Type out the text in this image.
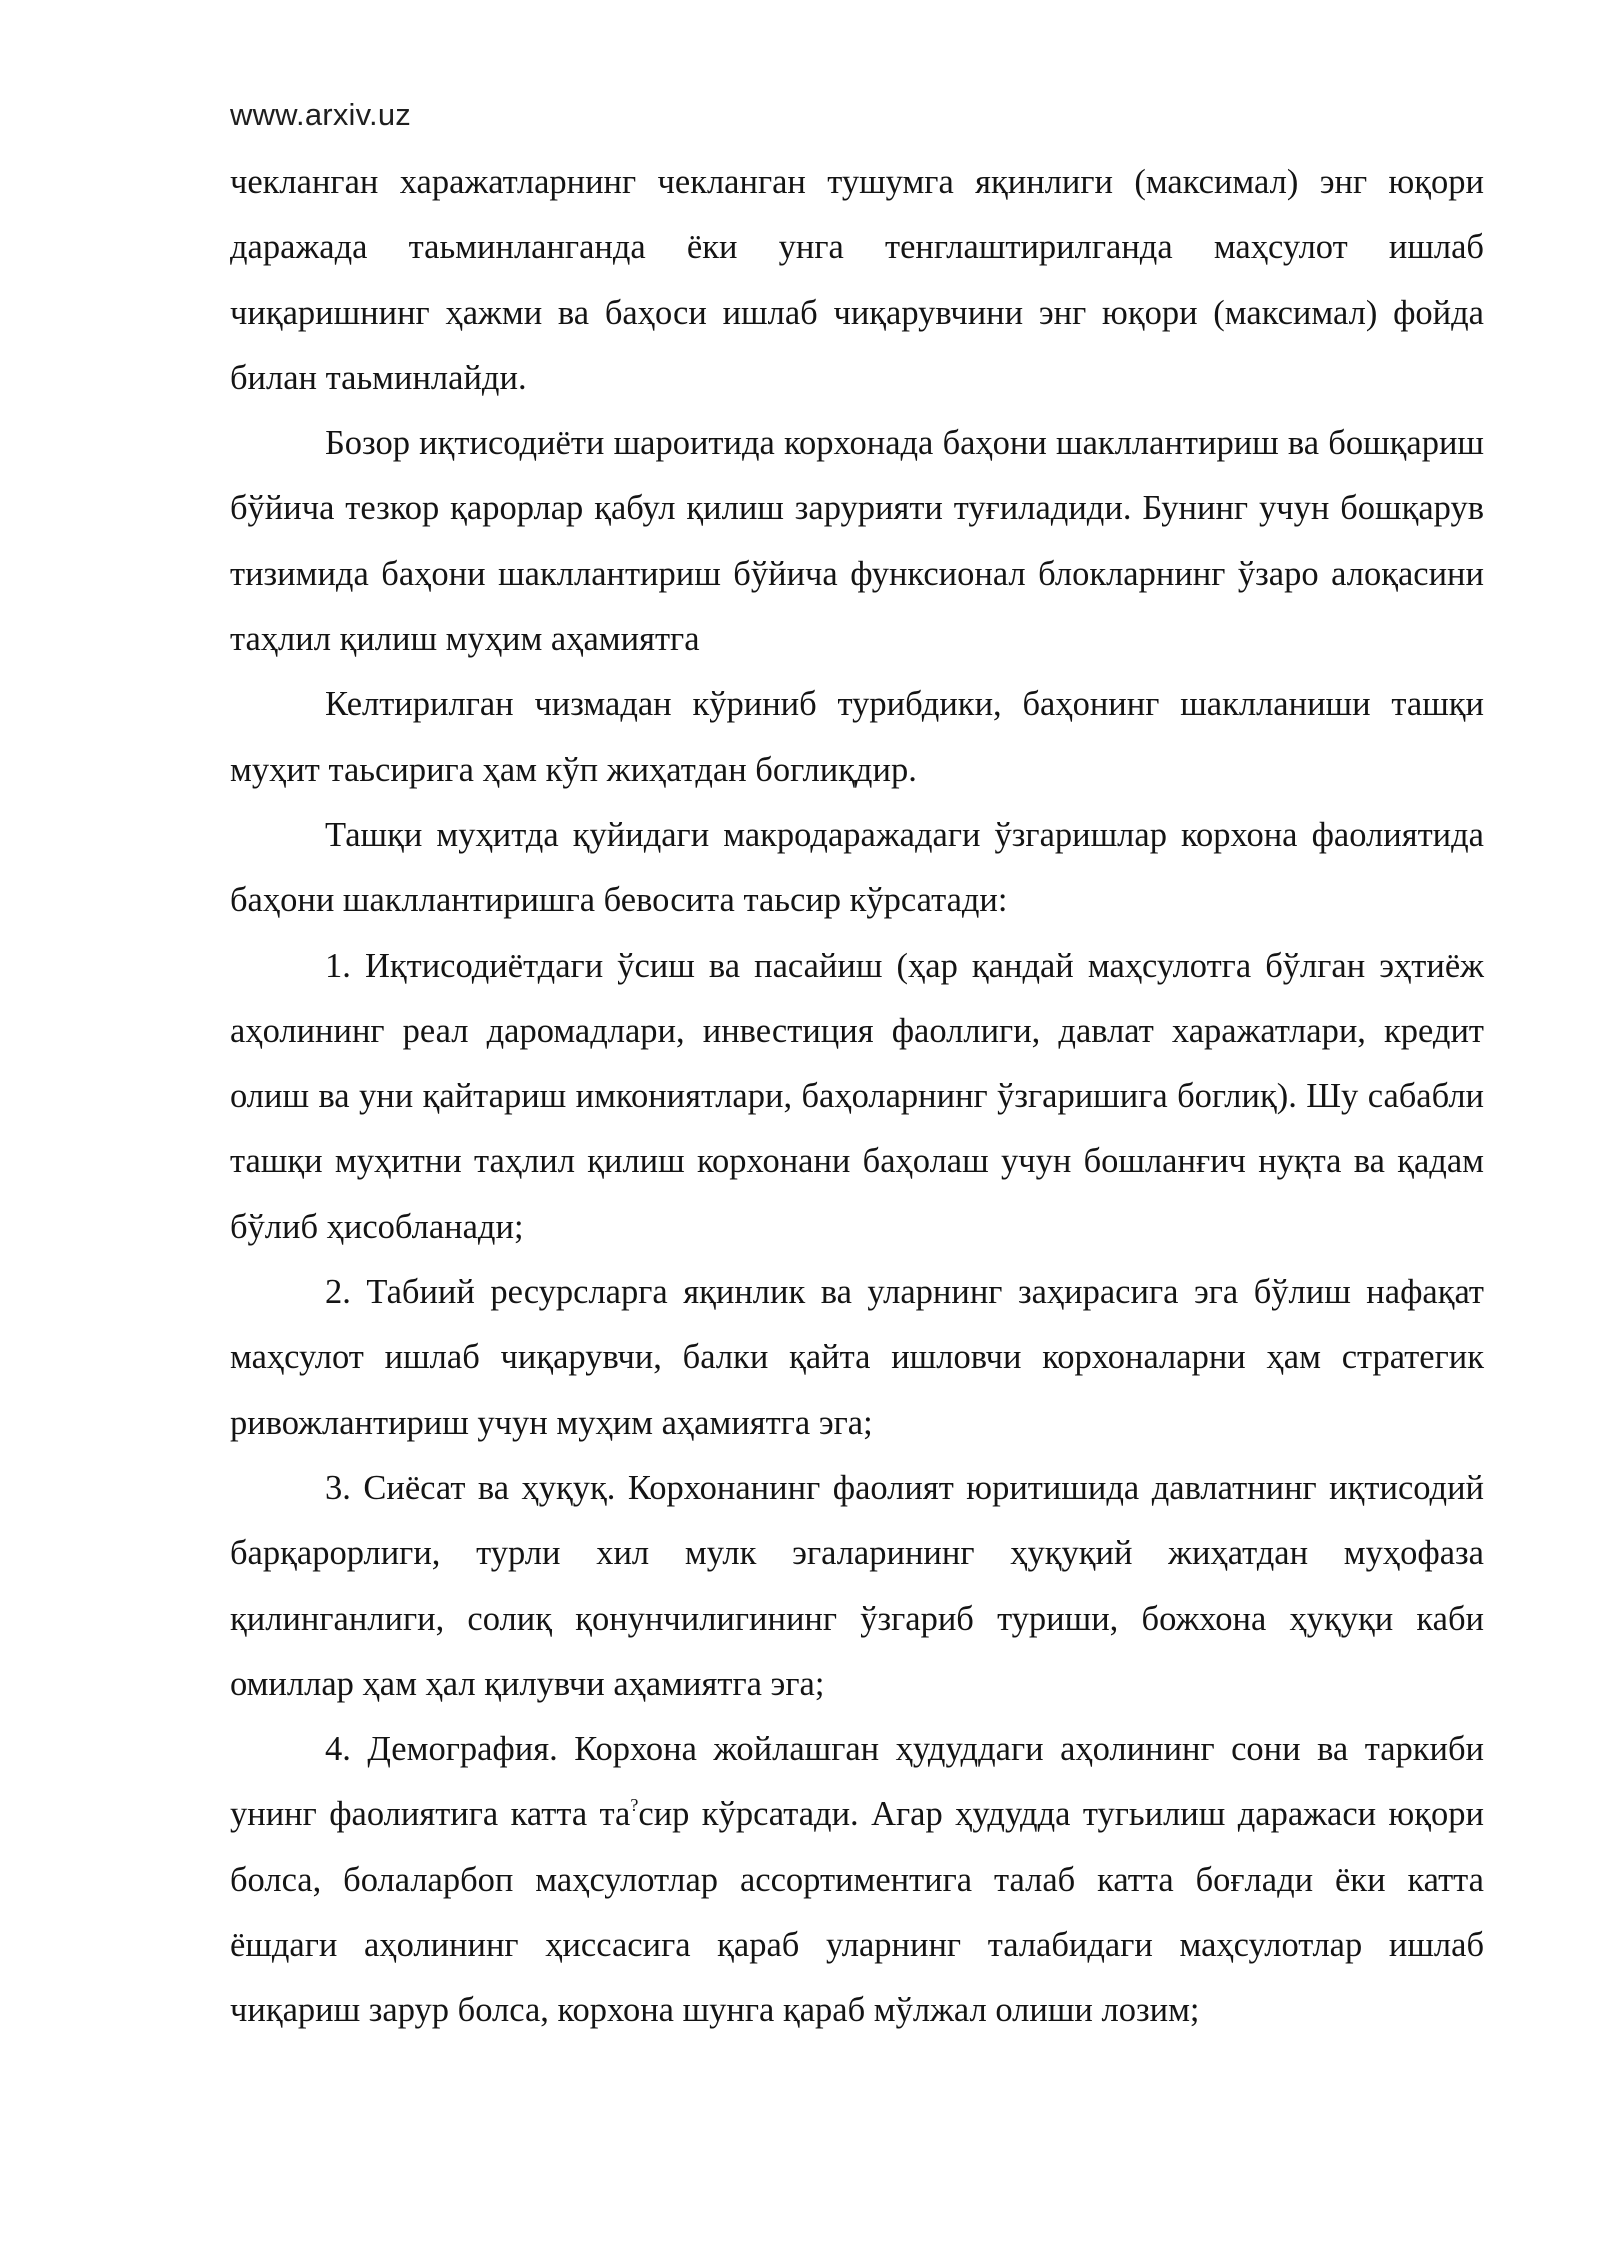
www.arxiv.uz

чекланган харажатларнинг чекланган тушумга яқинлиги (максимал) энг юқори даражада таьминланганда ёки унга тенглаштирилганда маҳсулот ишлаб чиқаришнинг ҳажми ва баҳоси ишлаб чиқарувчини энг юқори (максимал) фойда билан таьминлайди.

Бозор иқтисодиёти шароитида корхонада баҳони шакллантириш ва бошқариш бўйича тезкор қарорлар қабул қилиш зарурияти туғиладиди. Бунинг учун бошқарув тизимида баҳони шакллантириш бўйича функсионал блокларнинг ўзаро алоқасини таҳлил қилиш муҳим аҳамиятга

Келтирилган чизмадан кўриниб турибдики, баҳонинг шаклланиши ташқи муҳит таьсирига ҳам кўп жиҳатдан боглиқдир.

Ташқи муҳитда қуйидаги макродаражадаги ўзгаришлар корхона фаолиятида баҳони шакллантиришга бевосита таьсир кўрсатади:

1. Иқтисодиётдаги ўсиш ва пасайиш (ҳар қандай маҳсулотга бўлган эҳтиёж аҳолининг реал даромадлари, инвестиция фаоллиги, давлат харажатлари, кредит олиш ва уни қайтариш имкониятлари, баҳоларнинг ўзгаришига боглиқ). Шу сабабли ташқи муҳитни таҳлил қилиш корхонани баҳолаш учун бошланғич нуқта ва қадам бўлиб ҳисобланади;

2. Табиий ресурсларга яқинлик ва уларнинг заҳирасига эга бўлиш нафақат маҳсулот ишлаб чиқарувчи, балки қайта ишловчи корхоналарни ҳам стратегик ривожлантириш учун муҳим аҳамиятга эга;

3. Сиёсат ва ҳуқуқ. Корхонанинг фаолият юритишида давлатнинг иқтисодий барқарорлиги, турли хил мулк эгаларининг ҳуқуқий жиҳатдан муҳофаза қилинганлиги, солиқ қонунчилигининг ўзгариб туриши, божхона ҳуқуқи каби омиллар ҳам ҳал қилувчи аҳамиятга эга;

4. Демография. Корхона жойлашган ҳудуддаги аҳолининг сони ва таркиби унинг фаолиятига катта та?сир кўрсатади. Агар ҳудудда тугьилиш даражаси юқори болса, болаларбоп маҳсулотлар ассортиментига талаб катта боғлади ёки катта ёшдаги аҳолининг ҳиссасига қараб уларнинг талабидаги маҳсулотлар ишлаб чиқариш зарур болса, корхона шунга қараб мўлжал олиши лозим;
